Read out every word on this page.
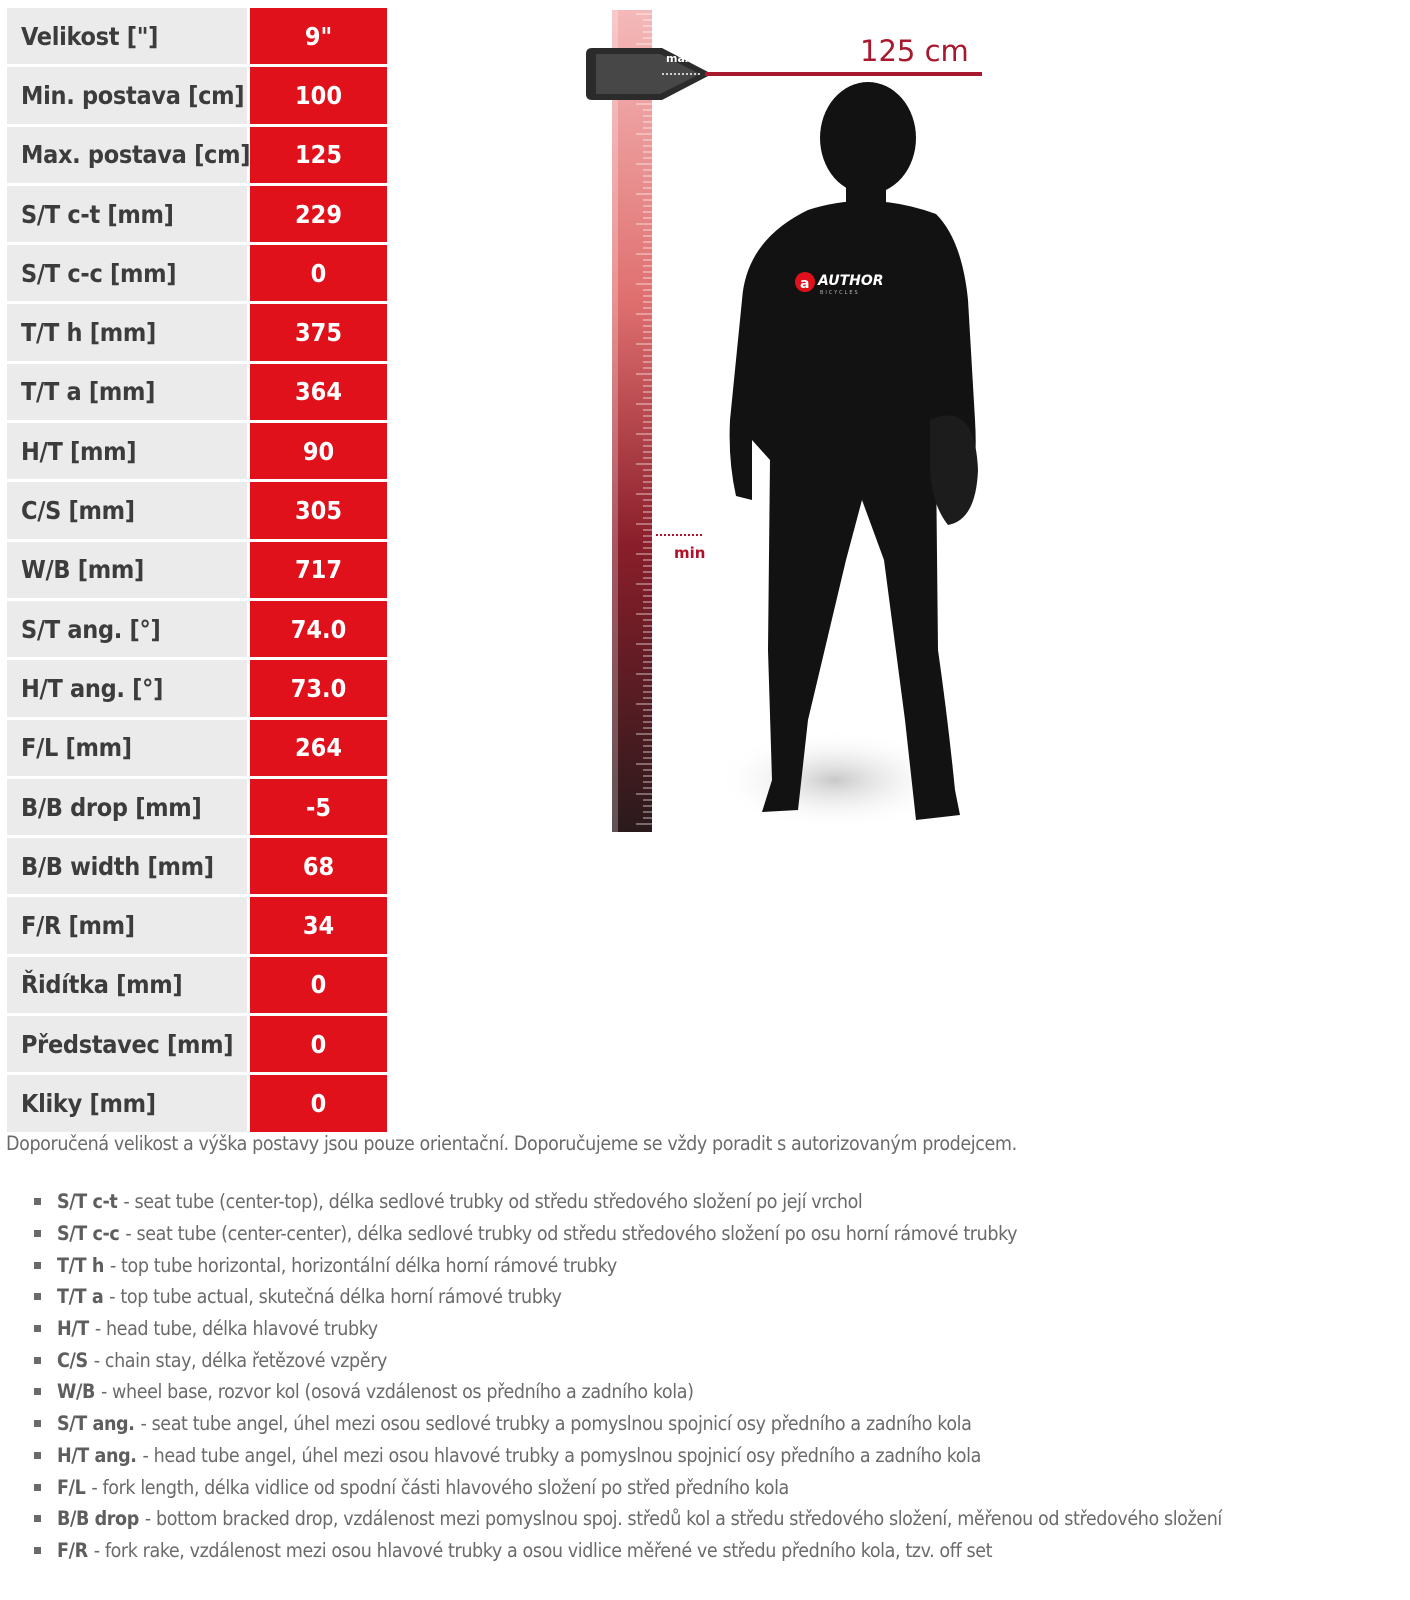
Velikost ["]	9"
Min. postava [cm]	100
Max. postava [cm]	125
S/T c-t [mm]	229
S/T c-c [mm]	0
T/T h [mm]	375
T/T a [mm]	364
H/T [mm]	90
C/S [mm]	305
W/B [mm]	717
S/T ang. [°]	74.0
H/T ang. [°]	73.0
F/L [mm]	264
B/B drop [mm]	-5
B/B width [mm]	68
F/R [mm]	34
Řidítka [mm]	0
Představec [mm]	0
Kliky [mm]	0
max
a AUTHOR
BICYCLES
125 cm
min
Doporučená velikost a výška postavy jsou pouze orientační. Doporučujeme se vždy poradit s autorizovaným prodejcem.
S/T c-t - seat tube (center-top), délka sedlové trubky od středu středového složení po její vrchol
S/T c-c - seat tube (center-center), délka sedlové trubky od středu středového složení po osu horní rámové trubky
T/T h - top tube horizontal, horizontální délka horní rámové trubky
T/T a - top tube actual, skutečná délka horní rámové trubky
H/T - head tube, délka hlavové trubky
C/S - chain stay, délka řetězové vzpěry
W/B - wheel base, rozvor kol (osová vzdálenost os předního a zadního kola)
S/T ang. - seat tube angel, úhel mezi osou sedlové trubky a pomyslnou spojnicí osy předního a zadního kola
H/T ang. - head tube angel, úhel mezi osou hlavové trubky a pomyslnou spojnicí osy předního a zadního kola
F/L - fork length, délka vidlice od spodní části hlavového složení po střed předního kola
B/B drop - bottom bracked drop, vzdálenost mezi pomyslnou spoj. středů kol a středu středového složení, měřenou od středového složení
F/R - fork rake, vzdálenost mezi osou hlavové trubky a osou vidlice měřené ve středu předního kola, tzv. off set
